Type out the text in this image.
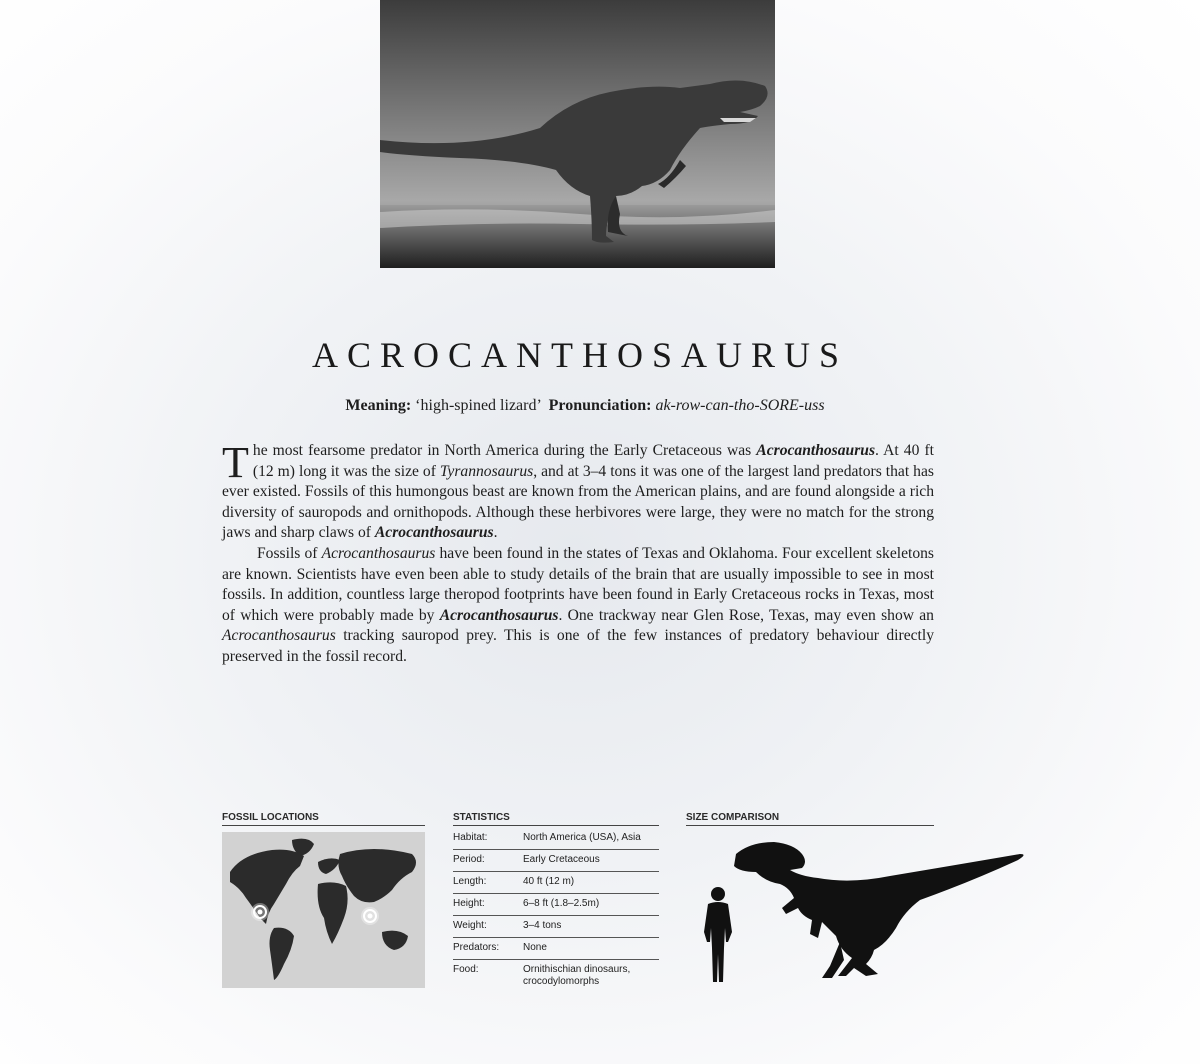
ACROCANTHOSAURUS
Meaning: ‘high-spined lizard’ Pronunciation: ak-row-can-tho-SORE-uss

The most fearsome predator in North America during the Early Cretaceous was Acrocanthosaurus. At 40 ft (12 m) long it was the size of Tyrannosaurus, and at 3–4 tons it was one of the largest land predators that has ever existed. Fossils of this humongous beast are known from the American plains, and are found alongside a rich diversity of sauropods and ornithopods. Although these herbivores were large, they were no match for the strong jaws and sharp claws of Acrocanthosaurus.

Fossils of Acrocanthosaurus have been found in the states of Texas and Oklahoma. Four excellent skeletons are known. Scientists have even been able to study details of the brain that are usually impossible to see in most fossils. In addition, countless large theropod footprints have been found in Early Cretaceous rocks in Texas, most of which were probably made by Acrocanthosaurus. One trackway near Glen Rose, Texas, may even show an Acrocanthosaurus tracking sauropod prey. This is one of the few instances of predatory behaviour directly preserved in the fossil record.

FOSSIL LOCATIONS	STATISTICS
Habitat:	North America (USA), Asia
Period:	Early Cretaceous
Length:	40 ft (12 m)
Height:	6–8 ft (1.8–2.5m)
Weight:	3–4 tons
Predators:	None
Food:	Ornithischian dinosaurs, crocodylomorphs
SIZE COMPARISON
